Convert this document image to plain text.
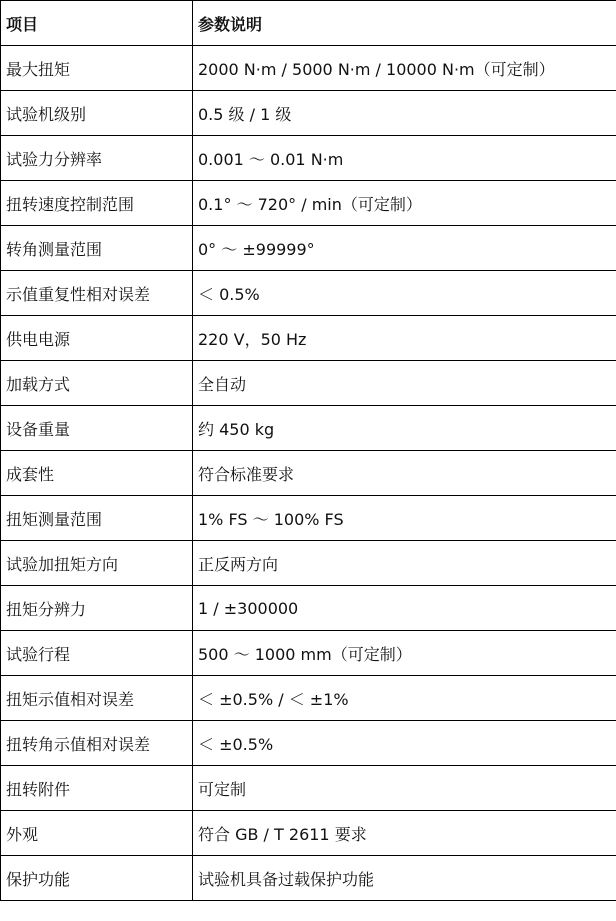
项目	参数说明
最大扭矩	2000 N·m / 5000 N·m / 10000 N·m（可定制）
试验机级别	0.5 级 / 1 级
试验力分辨率	0.001 ～ 0.01 N·m
扭转速度控制范围	0.1° ～ 720° / min（可定制）
转角测量范围	0° ～ ±99999°
示值重复性相对误差	＜ 0.5%
供电电源	220 V，50 Hz
加载方式	全自动
设备重量	约 450 kg
成套性	符合标准要求
扭矩测量范围	1% FS ～ 100% FS
试验加扭矩方向	正反两方向
扭矩分辨力	1 / ±300000
试验行程	500 ～ 1000 mm（可定制）
扭矩示值相对误差	＜ ±0.5% / ＜ ±1%
扭转角示值相对误差	＜ ±0.5%
扭转附件	可定制
外观	符合 GB / T 2611 要求
保护功能	试验机具备过载保护功能
